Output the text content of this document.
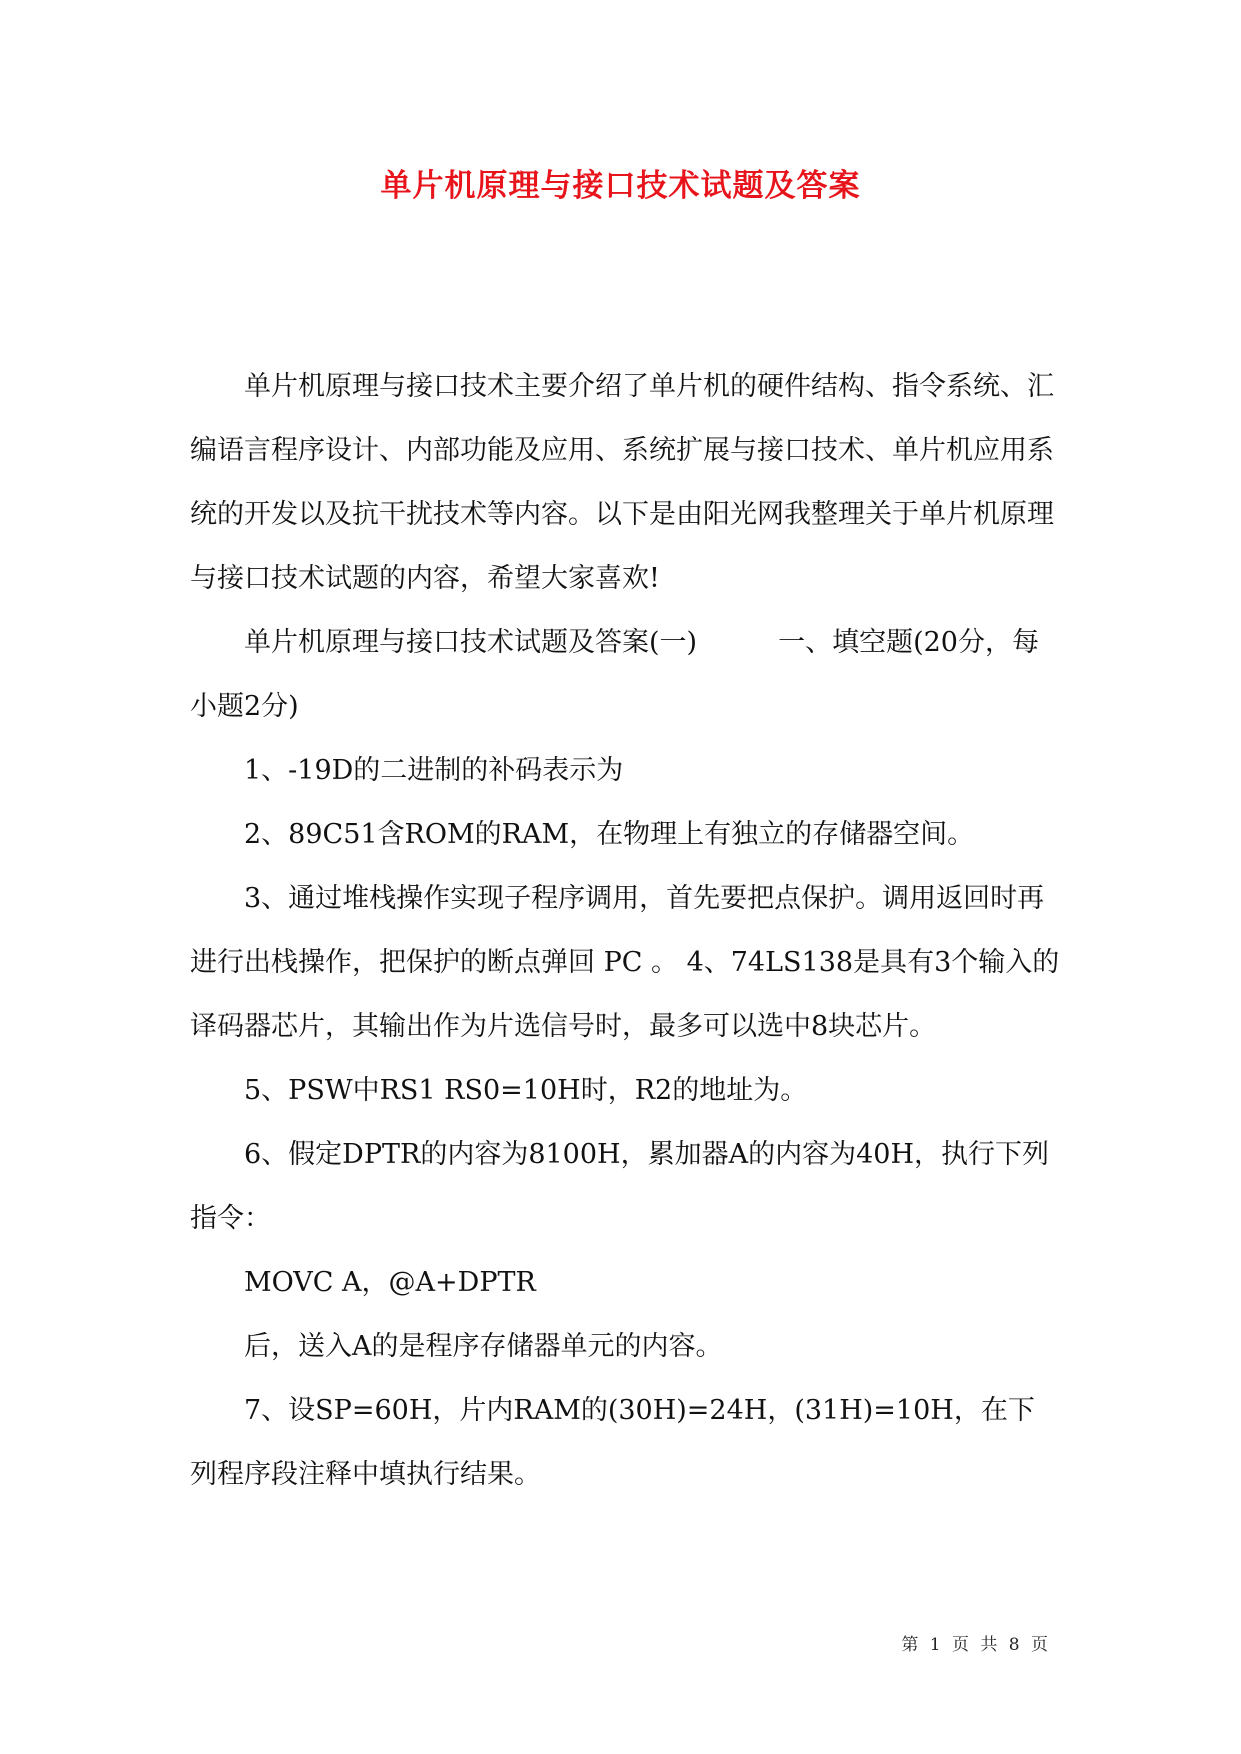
单片机原理与接口技术试题及答案

单片机原理与接口技术主要介绍了单片机的硬件结构、指令系统、汇编语言程序设计、内部功能及应用、系统扩展与接口技术、单片机应用系统的开发以及抗干扰技术等内容。以下是由阳光网我整理关于单片机原理与接口技术试题的内容，希望大家喜欢!

单片机原理与接口技术试题及答案(一)　　　一、填空题(20分，每小题2分)

1、-19D的二进制的补码表示为

2、89C51含ROM的RAM，在物理上有独立的存储器空间。

3、通过堆栈操作实现子程序调用，首先要把点保护。调用返回时再进行出栈操作，把保护的断点弹回 PC 。 4、74LS138是具有3个输入的译码器芯片，其输出作为片选信号时，最多可以选中8块芯片。

5、PSW中RS1 RS0=10H时，R2的地址为。

6、假定DPTR的内容为8100H，累加器A的内容为40H，执行下列指令：

MOVC A，@A+DPTR

后，送入A的是程序存储器单元的内容。

7、设SP=60H，片内RAM的(30H)=24H，(31H)=10H，在下列程序段注释中填执行结果。

第 1 页 共 8 页
